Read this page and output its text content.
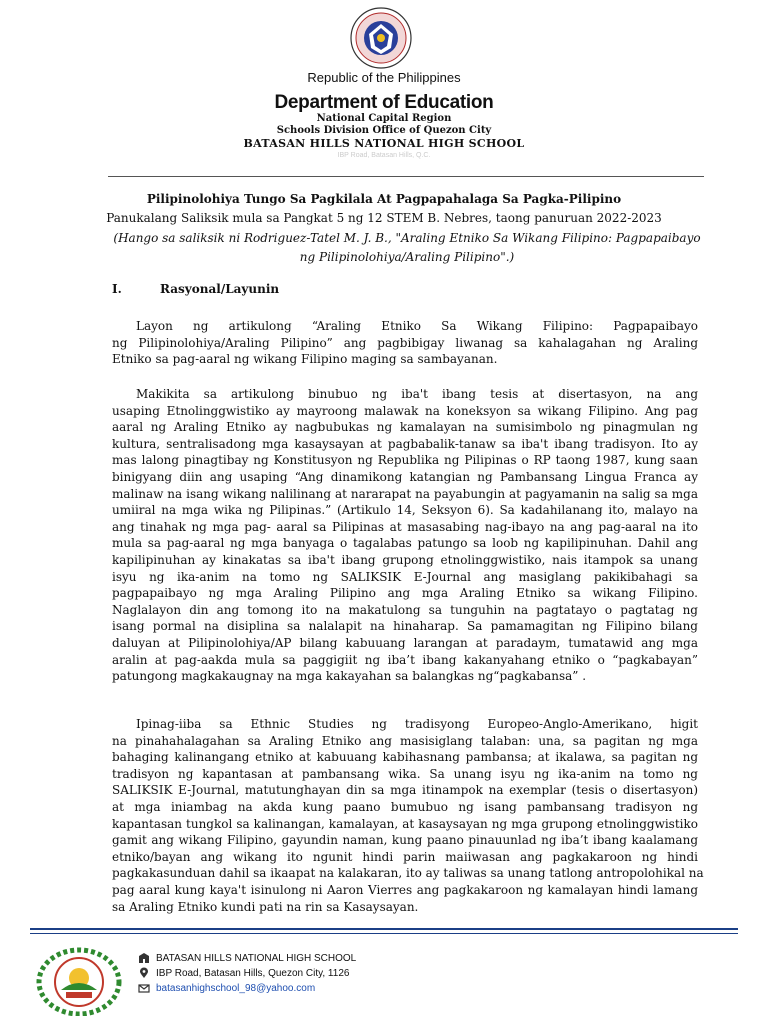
Republic of the Philippines
Department of Education
National Capital Region
Schools Division Office of Quezon City
BATASAN HILLS NATIONAL HIGH SCHOOL
IBP Road, Batasan Hills, Q.C.
Pilipinolohiya Tungo Sa Pagkilala At Pagpapahalaga Sa Pagka-Pilipino
Panukalang Saliksik mula sa Pangkat 5 ng 12 STEM B. Nebres, taong panuruan 2022-2023
(Hango sa saliksik ni Rodriguez-Tatel M. J. B., "Araling Etniko Sa Wikang Filipino: Pagpapaibayo
ng Pilipinolohiya/Araling Pilipino".)
I.	Rasyonal/Layunin
Layon ng artikulong “Araling Etniko Sa Wikang Filipino: Pagpapaibayo
ng Pilipinolohiya/Araling Pilipino” ang pagbibigay liwanag sa kahalagahan ng Araling
Etniko sa pag-aaral ng wikang Filipino maging sa sambayanan.
Makikita sa artikulong binubuo ng iba't ibang tesis at disertasyon, na ang
usaping Etnolinggwistiko ay mayroong malawak na koneksyon sa wikang Filipino. Ang pag
aaral ng Araling Etniko ay nagbubukas ng kamalayan na sumisimbolo ng pinagmulan ng
kultura, sentralisadong mga kasaysayan at pagbabalik-tanaw sa iba't ibang tradisyon. Ito ay
mas lalong pinagtibay ng Konstitusyon ng Republika ng Pilipinas o RP taong 1987, kung saan
binigyang diin ang usaping “Ang dinamikong katangian ng Pambansang Lingua Franca ay
malinaw na isang wikang nalilinang at nararapat na payabungin at pagyamanin na salig sa mga
umiiral na mga wika ng Pilipinas.” (Artikulo 14, Seksyon 6). Sa kadahilanang ito, malayo na
ang tinahak ng mga pag- aaral sa Pilipinas at masasabing nag-ibayo na ang pag-aaral na ito
mula sa pag-aaral ng mga banyaga o tagalabas patungo sa loob ng kapilipinuhan. Dahil ang
kapilipinuhan ay kinakatas sa iba't ibang grupong etnolinggwistiko, nais itampok sa unang
isyu ng ika-anim na tomo ng SALIKSIK E-Journal ang masiglang pakikibahagi sa
pagpapaibayo ng mga Araling Pilipino ang mga Araling Etniko sa wikang Filipino.
Naglalayon din ang tomong ito na makatulong sa tunguhin na pagtatayo o pagtatag ng
isang pormal na disiplina sa nalalapit na hinaharap. Sa pamamagitan ng Filipino bilang
daluyan at Pilipinolohiya/AP bilang kabuuang larangan at paradaym, tumatawid ang mga
aralin at pag-aakda mula sa paggigiit ng iba’t ibang kakanyahang etniko o “pagkabayan”
patungong magkakaugnay na mga kakayahan sa balangkas ng“pagkabansa” .
Ipinag-iiba sa Ethnic Studies ng tradisyong Europeo-Anglo-Amerikano, higit
na pinahahalagahan sa Araling Etniko ang masisiglang talaban: una, sa pagitan ng mga
bahaging kalinangang etniko at kabuuang kabihasnang pambansa; at ikalawa, sa pagitan ng
tradisyon ng kapantasan at pambansang wika. Sa unang isyu ng ika-anim na tomo ng
SALIKSIK E-Journal, matutunghayan din sa mga itinampok na exemplar (tesis o disertasyon)
at mga iniambag na akda kung paano bumubuo ng isang pambansang tradisyon ng
kapantasan tungkol sa kalinangan, kamalayan, at kasaysayan ng mga grupong etnolinggwistiko
gamit ang wikang Filipino, gayundin naman, kung paano pinauunlad ng iba’t ibang kaalamang
etniko/bayan ang wikang ito ngunit hindi parin maiiwasan ang pagkakaroon ng hindi
pagkakasunduan dahil sa ikaapat na kalakaran, ito ay taliwas sa unang tatlong antropolohikal na
pag aaral kung kaya't isinulong ni Aaron Vierres ang pagkakaroon ng kamalayan hindi lamang
sa Araling Etniko kundi pati na rin sa Kasaysayan.
BATASAN HILLS NATIONAL HIGH SCHOOL
IBP Road, Batasan Hills, Quezon City, 1126
batasanhighschool_98@yahoo.com
